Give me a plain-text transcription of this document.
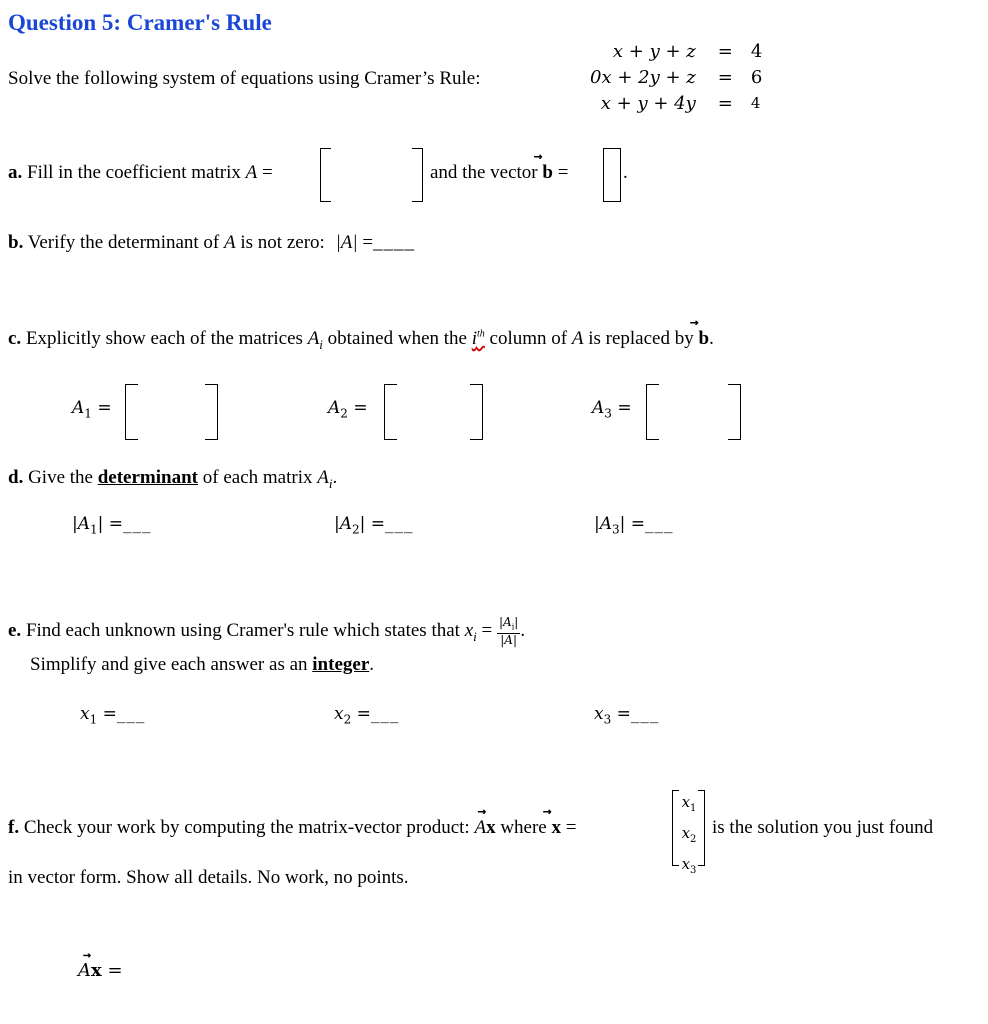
Question 5: Cramer's Rule
Solve the following system of equations using Cramer’s Rule:
x + y + z	=	4
0x + 2y + z	=	6
x + y + 4y	=	4
a. Fill in the coefficient matrix A =	and the vector ⃗ b =	.
b. Verify the determinant of A is not zero: |A| =____
c. Explicitly show each of the matrices $A_i$ obtained when the $i^{th}$ column of A is replaced by ⃗ b.
$A_1$ =	$A_2$ =	$A_3$ =
d. Give the determinant of each matrix $A_i$.
$|A_1|$ =___	$|A_2|$ =___	$|A_3|$ =___
e. Find each unknown using Cramer's rule which states that $x_i = \frac{|A_i|}{|A|}$ .
Simplify and give each answer as an integer.
$x_1$ =___	$x_2$ =___	$x_3$ =___
f. Check your work by computing the matrix-vector product: A⃗ x where ⃗ x =
$x_1$
$x_2$
$x_3$
is the solution you just found
in vector form. Show all details. No work, no points.
A⃗ x =
